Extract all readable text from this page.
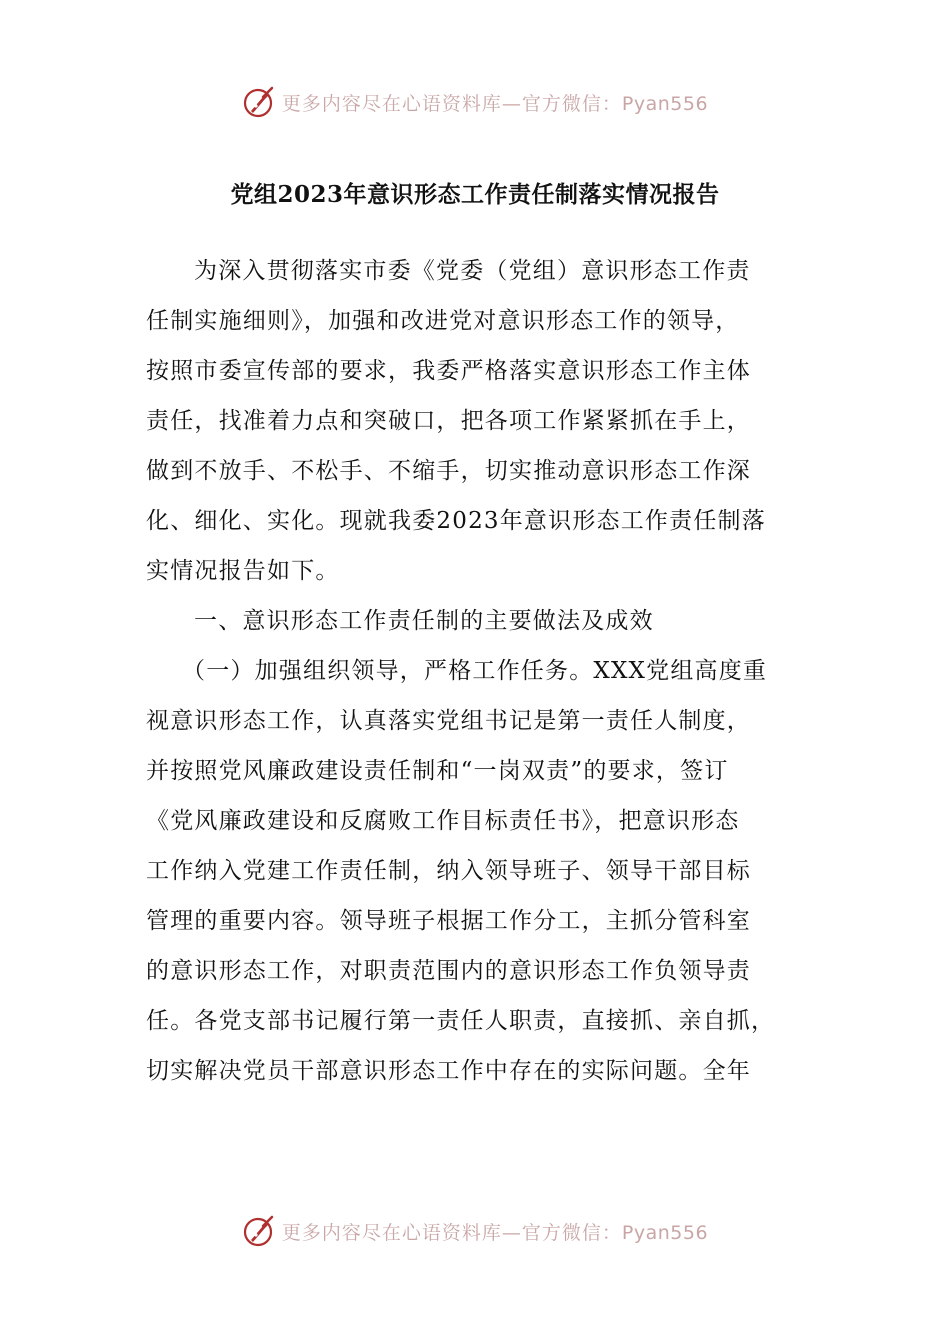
更多内容尽在心语资料库—官方微信：Pyan556
党组2023年意识形态工作责任制落实情况报告
为深入贯彻落实市委《党委（党组）意识形态工作责
任制实施细则》，加强和改进党对意识形态工作的领导，
按照市委宣传部的要求，我委严格落实意识形态工作主体
责任，找准着力点和突破口，把各项工作紧紧抓在手上，
做到不放手、不松手、不缩手，切实推动意识形态工作深
化、细化、实化。现就我委2023年意识形态工作责任制落
实情况报告如下。
一、意识形态工作责任制的主要做法及成效
（一）加强组织领导，严格工作任务。XXX党组高度重
视意识形态工作，认真落实党组书记是第一责任人制度，
并按照党风廉政建设责任制和“一岗双责”的要求，签订
《党风廉政建设和反腐败工作目标责任书》，把意识形态
工作纳入党建工作责任制，纳入领导班子、领导干部目标
管理的重要内容。领导班子根据工作分工，主抓分管科室
的意识形态工作，对职责范围内的意识形态工作负领导责
任。各党支部书记履行第一责任人职责，直接抓、亲自抓，
切实解决党员干部意识形态工作中存在的实际问题。全年
更多内容尽在心语资料库—官方微信：Pyan556
